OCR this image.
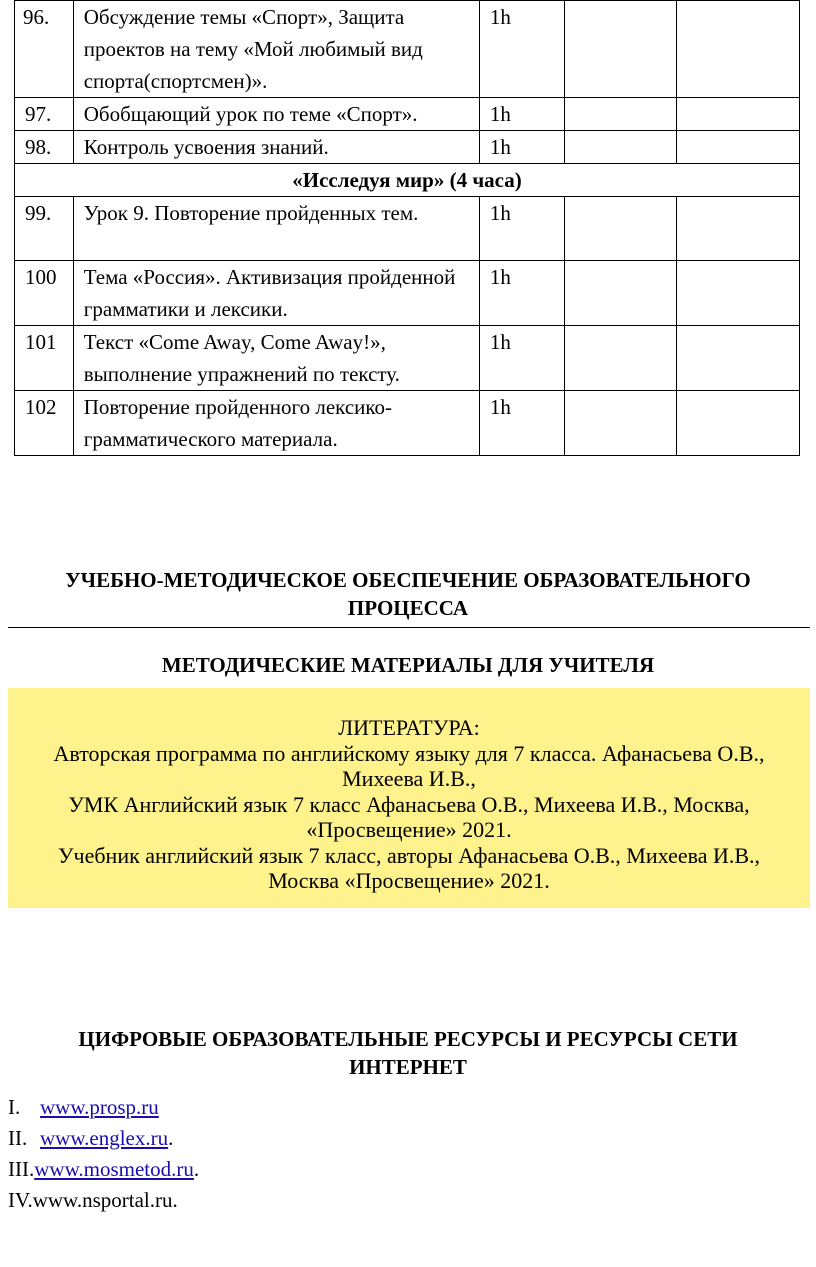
96.	Обсуждение темы «Спорт», Защита проектов на тему «Мой любимый вид спорта(спортсмен)».	1h		
97.	Обобщающий урок по теме «Спорт».	1h		
98.	Контроль усвоения знаний.	1h		
«Исследуя мир» (4 часа)				
99.	Урок 9. Повторение пройденных тем.	1h		
100	Тема «Россия». Активизация пройденной грамматики и лексики.	1h		
101	Текст «Come Away, Come Away!», выполнение упражнений по тексту.	1h		
102	Повторение пройденного лексико-грамматического материала.	1h		
УЧЕБНО-МЕТОДИЧЕСКОЕ ОБЕСПЕЧЕНИЕ ОБРАЗОВАТЕЛЬНОГО
ПРОЦЕССА
МЕТОДИЧЕСКИЕ МАТЕРИАЛЫ ДЛЯ УЧИТЕЛЯ
ЛИТЕРАТУРА:
Авторская программа по английскому языку для 7 класса. Афанасьева О.В.,
Михеева И.В.,
УМК Английский язык 7 класс Афанасьева О.В., Михеева И.В., Москва,
«Просвещение» 2021.
Учебник английский язык 7 класс, авторы Афанасьева О.В., Михеева И.В.,
Москва «Просвещение» 2021.
ЦИФРОВЫЕ ОБРАЗОВАТЕЛЬНЫЕ РЕСУРСЫ И РЕСУРСЫ СЕТИ
ИНТЕРНЕТ
I. www.prosp.ru
II. www.englex.ru .
III. www.mosmetod.ru .
IV. www.nsportal.ru.
